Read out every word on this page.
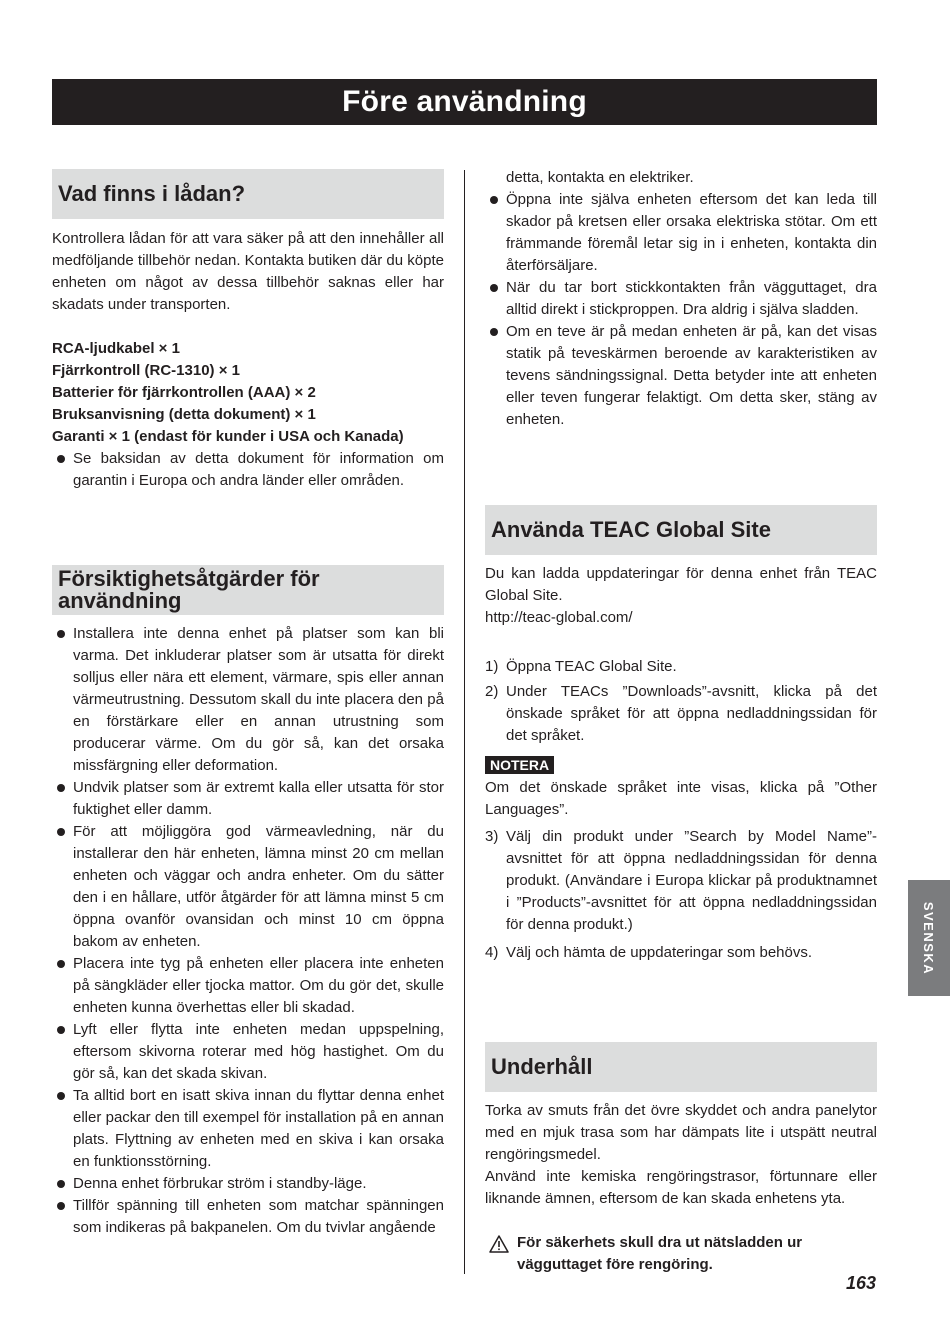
Före användning
Vad finns i lådan?

Kontrollera lådan för att vara säker på att den innehåller all medföljande tillbehör nedan. Kontakta butiken där du köpte enheten om något av dessa tillbehör saknas eller har skadats under transporten.

RCA-ljudkabel × 1

Fjärrkontroll (RC-1310) × 1

Batterier för fjärrkontrollen (AAA) × 2

Bruksanvisning (detta dokument) × 1

Garanti × 1 (endast för kunder i USA och Kanada)

Se baksidan av detta dokument för information om garantin i Europa och andra länder eller områden.
Försiktighetsåtgärder för användning
Installera inte denna enhet på platser som kan bli varma. Det inkluderar platser som är utsatta för direkt solljus eller nära ett element, värmare, spis eller annan värmeutrustning. Dessutom skall du inte placera den på en förstärkare eller en annan utrustning som producerar värme. Om du gör så, kan det orsaka missfärgning eller deformation.
Undvik platser som är extremt kalla eller utsatta för stor fuktighet eller damm.
För att möjliggöra god värmeavledning, när du installerar den här enheten, lämna minst 20 cm mellan enheten och väggar och andra enheter. Om du sätter den i en hållare, utför åtgärder för att lämna minst 5 cm öppna ovanför ovansidan och minst 10 cm öppna bakom av enheten.
Placera inte tyg på enheten eller placera inte enheten på sängkläder eller tjocka mattor. Om du gör det, skulle enheten kunna överhettas eller bli skadad.
Lyft eller flytta inte enheten medan uppspelning, eftersom skivorna roterar med hög hastighet. Om du gör så, kan det skada skivan.
Ta alltid bort en isatt skiva innan du flyttar denna enhet eller packar den till exempel för installation på en annan plats. Flyttning av enheten med en skiva i kan orsaka en funktionsstörning.
Denna enhet förbrukar ström i standby-läge.
Tillför spänning till enheten som matchar spänningen som indikeras på bakpanelen. Om du tvivlar angående

detta, kontakta en elektriker.

Öppna inte själva enheten eftersom det kan leda till skador på kretsen eller orsaka elektriska stötar. Om ett främmande föremål letar sig in i enheten, kontakta din återförsäljare.
När du tar bort stickkontakten från vägguttaget, dra alltid direkt i stickproppen. Dra aldrig i själva sladden.
Om en teve är på medan enheten är på, kan det visas statik på teveskärmen beroende av karakteristiken av tevens sändningssignal. Detta betyder inte att enheten eller teven fungerar felaktigt. Om detta sker, stäng av enheten.
Använda TEAC Global Site

Du kan ladda uppdateringar för denna enhet från TEAC Global Site.

http://teac-global.com/

1) Öppna TEAC Global Site.
2) Under TEACs ”Downloads”-avsnitt, klicka på det önskade språket för att öppna nedladdningssidan för det språket.
NOTERA

Om det önskade språket inte visas, klicka på ”Other Languages”.

3) Välj din produkt under ”Search by Model Name”-avsnittet för att öppna nedladdningssidan för denna produkt. (Användare i Europa klickar på produktnamnet i ”Products”-avsnittet för att öppna nedladdningssidan för denna produkt.)
4) Välj och hämta de uppdateringar som behövs.
Underhåll

Torka av smuts från det övre skyddet och andra panelytor med en mjuk trasa som har dämpats lite i utspätt neutral rengöringsmedel.

Använd inte kemiska rengöringstrasor, förtunnare eller liknande ämnen, eftersom de kan skada enhetens yta.

För säkerhets skull dra ut nätsladden ur vägguttaget före rengöring.
SVENSKA
163
